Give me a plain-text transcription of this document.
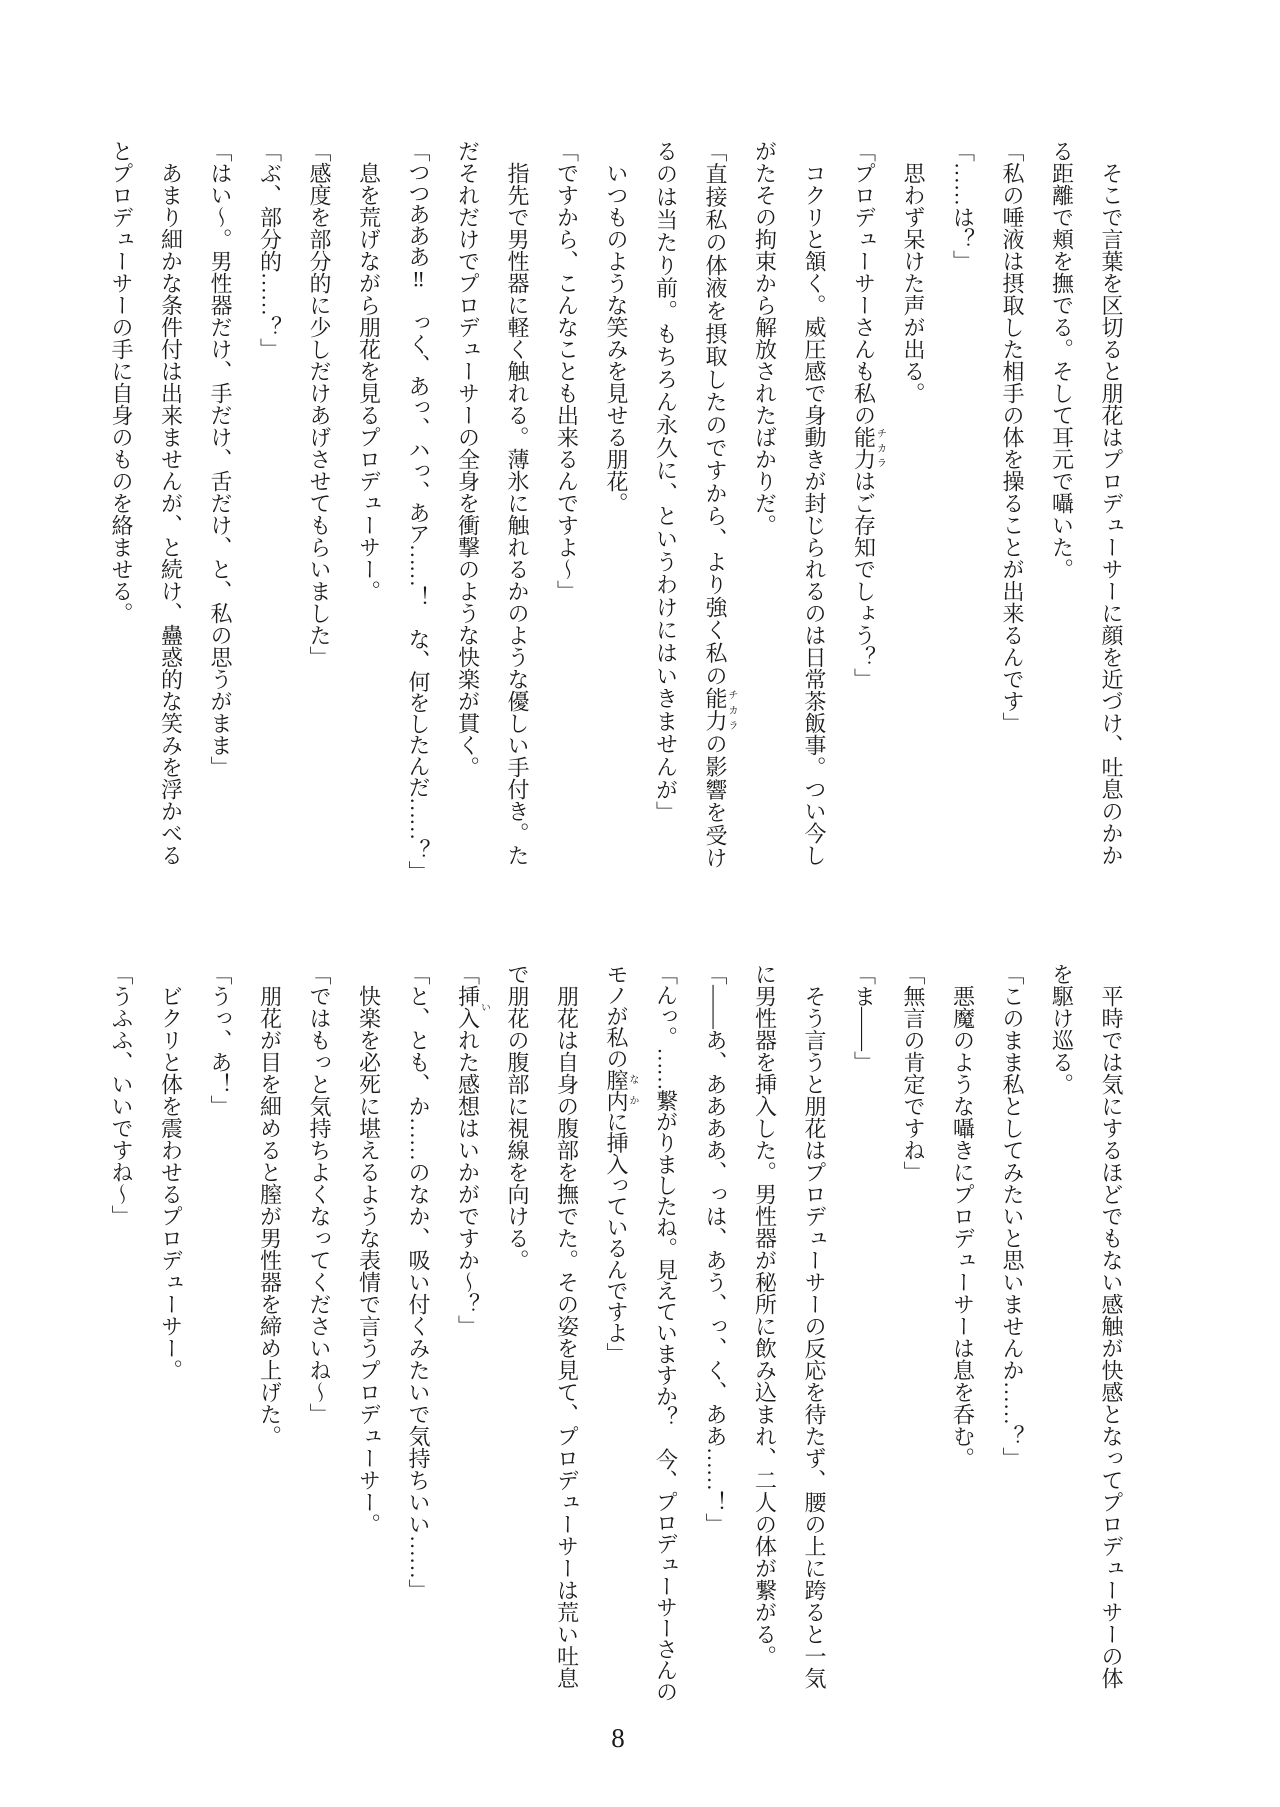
そこで言葉を区切ると朋花はプロデューサーに顔を近づけ、吐息のかかる距離で頬を撫でる。そして耳元で囁いた。

「私の唾液は摂取した相手の体を操ることが出来るんです」

「……は？」

思わず呆けた声が出る。

「プロデューサーさんも私の能力チカラはご存知でしょう？」

コクリと頷く。威圧感で身動きが封じられるのは日常茶飯事。つい今しがたその拘束から解放されたばかりだ。

「直接私の体液を摂取したのですから、より強く私の能力チカラの影響を受けるのは当たり前。もちろん永久に、というわけにはいきませんが」

いつものような笑みを見せる朋花。

「ですから、こんなことも出来るんですよ〜」

指先で男性器に軽く触れる。薄氷に触れるかのような優しい手付き。ただそれだけでプロデューサーの全身を衝撃のような快楽が貫く。

「つつあああ‼　っく、あっ、ハっ、あア……！　な、何をしたんだ……？」

息を荒げながら朋花を見るプロデューサー。

「感度を部分的に少しだけあげさせてもらいました」

「ぶ、部分的……？」

「はい〜。男性器だけ、手だけ、舌だけ、と、私の思うがまま」

あまり細かな条件付は出来ませんが、と続け、蠱惑的な笑みを浮かべるとプロデューサーの手に自身のものを絡ませる。

平時では気にするほどでもない感触が快感となってプロデューサーの体を駆け巡る。

「このまま私としてみたいと思いませんか……？」

悪魔のような囁きにプロデューサーは息を呑む。

「無言の肯定ですね」

「ま——」

そう言うと朋花はプロデューサーの反応を待たず、腰の上に跨ると一気に男性器を挿入した。男性器が秘所に飲み込まれ、二人の体が繋がる。

「——あ、ああああ、っは、あう、っ、く、ああ……！」

「んっ。……繋がりましたね。見えていますか？　今、プロデューサーさんのモノが私の膣内なかに挿入っているんですよ」

朋花は自身の腹部を撫でた。その姿を見て、プロデューサーは荒い吐息で朋花の腹部に視線を向ける。

「挿入いれた感想はいかがですか〜？」

「と、とも、か……のなか、吸い付くみたいで気持ちいい……」

快楽を必死に堪えるような表情で言うプロデューサー。

「ではもっと気持ちよくなってくださいね〜」

朋花が目を細めると膣が男性器を締め上げた。

「うっ、あ！」

ビクリと体を震わせるプロデューサー。

「うふふ、いいですね〜」

8
